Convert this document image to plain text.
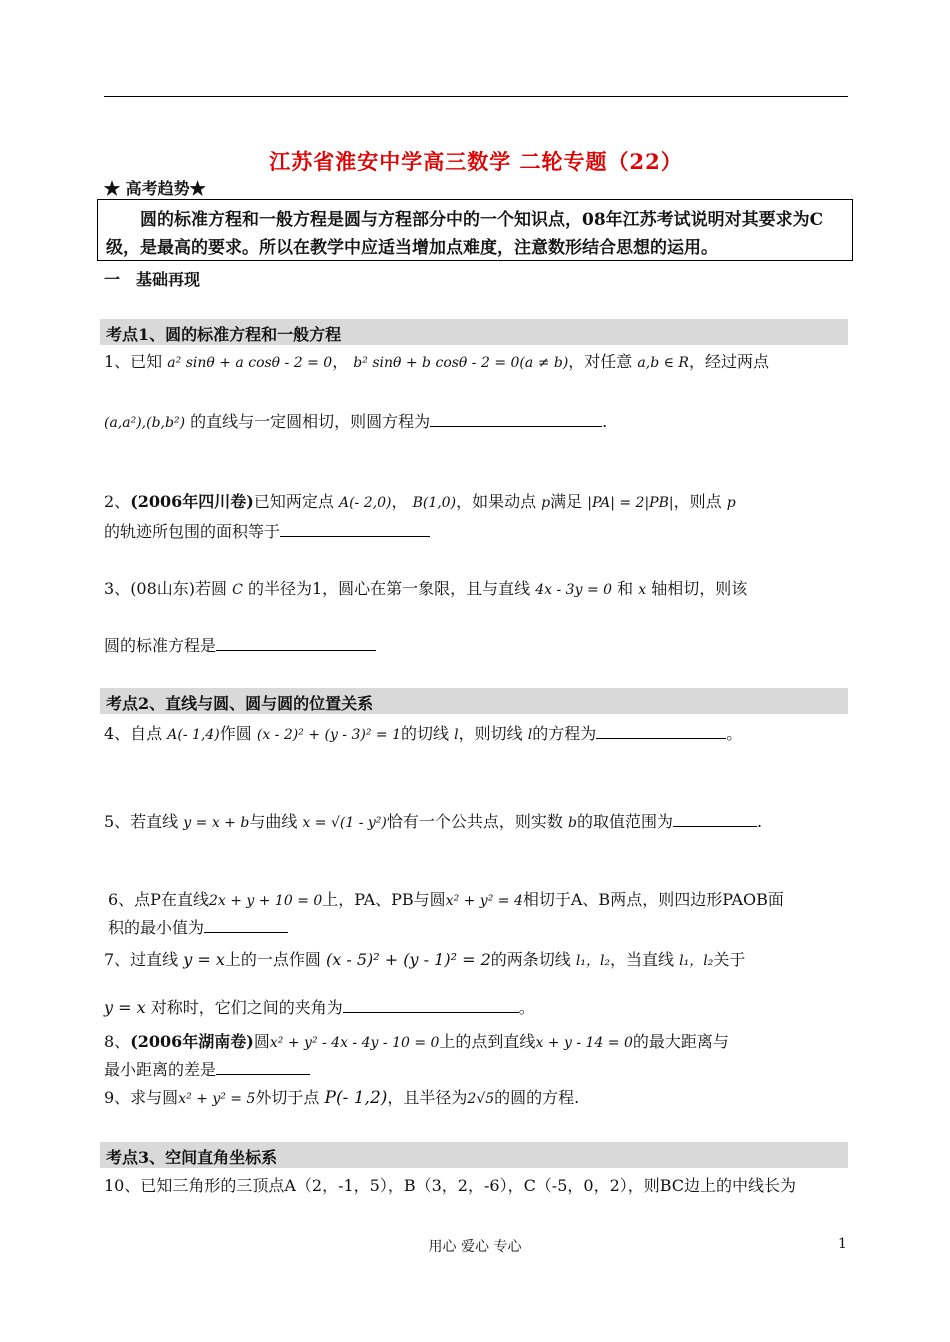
江苏省淮安中学高三数学 二轮专题（22）
★ 高考趋势★
圆的标准方程和一般方程是圆与方程部分中的一个知识点，08年江苏考试说明对其要求为C级，是最高的要求。所以在教学中应适当增加点难度，注意数形结合思想的运用。
一　基础再现
考点1、圆的标准方程和一般方程
1、已知 a² sinθ + a cosθ - 2 = 0， b² sinθ + b cosθ - 2 = 0(a ≠ b)，对任意 a,b ∈ R，经过两点
(a,a²),(b,b²) 的直线与一定圆相切，则圆方程为	.
2、(2006年四川卷)已知两定点 A(- 2,0)， B(1,0)，如果动点 p满足 |PA| = 2|PB|，则点 p
的轨迹所包围的面积等于
3、(08山东)若圆 C 的半径为1，圆心在第一象限，且与直线 4x - 3y = 0 和 x 轴相切，则该
圆的标准方程是
考点2、直线与圆、圆与圆的位置关系
4、自点 A(- 1,4)作圆 (x - 2)² + (y - 3)² = 1的切线 l，则切线 l的方程为	。
5、若直线 y = x + b与曲线 x = √(1 - y²)恰有一个公共点，则实数 b的取值范围为	.
6、点P在直线2x + y + 10 = 0上，PA、PB与圆x² + y² = 4相切于A、B两点，则四边形PAOB面
积的最小值为
7、过直线 y = x上的一点作圆 (x - 5)² + (y - 1)² = 2的两条切线 l₁，l₂，当直线 l₁，l₂关于
y = x 对称时，它们之间的夹角为	。
8、(2006年湖南卷)圆x² + y² - 4x - 4y - 10 = 0上的点到直线x + y - 14 = 0的最大距离与
最小距离的差是
9、求与圆x² + y² = 5外切于点 P(- 1,2)，且半径为2√5的圆的方程.
考点3、空间直角坐标系
10、已知三角形的三顶点A（2，-1，5），B（3，2，-6），C（-5，0，2），则BC边上的中线长为
用心 爱心 专心	1
